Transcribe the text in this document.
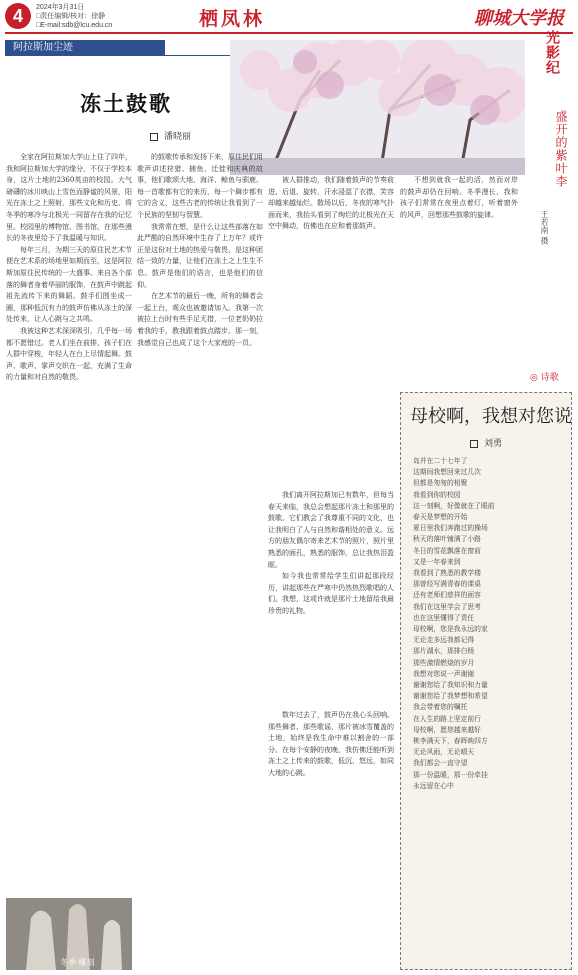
4	2024年3月31日
□责任编辑/核对：徐静
□E-mail:sdb@lcu.edu.cn	栖凤林	聊城大学报
阿拉斯加尘迹
冻土鼓歌
潘晓丽

全家在阿拉斯加大学山上住了四年，我和阿拉斯加大学的缘分，不仅于学校本身，这片土地的2360英亩的校园。大气磅礴的冰川映山上雪色而静谧的风景，阳光在冻土之上照射，那些文化和历史、将冬季的寒冷与北极光一同留存在我的记忆里。校园里的博物馆、图书馆，在那些漫长的冬夜里给予了我温暖与知识。

每年三月，为期三天的原住民艺术节便在艺术系的场地里如期而至，这是阿拉斯加原住民传统的一大盛事。来自各个部落的舞者身着华丽的服饰，在鼓声中跳起祖先流传下来的舞蹈。鼓手们围坐成一圈，那种低沉有力的鼓声仿佛从冻土的深处传来，让人心跳与之共鸣。

我被这种艺术深深吸引，几乎每一场都不愿错过。老人们坐在前排，孩子们在人群中穿梭，年轻人在台上尽情起舞。鼓声、歌声、掌声交织在一起，充满了生命的力量和对自然的敬畏。

的鼓歌传承和发扬下来，原住民们用歌声讲述狩猎、捕鱼、迁徙和庆典的故事，他们歌颂大地、海洋、鲸鱼与驯鹿。每一首歌都有它的来历，每一个舞步都有它的含义，这些古老的传统让我看到了一个民族的坚韧与智慧。

我常常在想，是什么让这些部落在如此严酷的自然环境中生存了上万年？或许正是这份对土地的热爱与敬畏，是这种团结一致的力量，让他们在冻土之上生生不息。鼓声是他们的语言，也是他们的信仰。

在艺术节的最后一晚，所有的舞者会一起上台，观众也被邀请加入。我第一次被拉上台时有些手足无措，一位老奶奶拉着我的手，教我跟着鼓点踏步。那一刻，我感觉自己也成了这个大家庭的一员。

被人群推动，我们随着鼓声的节奏前进、后退、旋转，汗水浸湿了衣襟，笑容却越来越灿烂。散场以后，冬夜的寒气扑面而来，我抬头看到了绚烂的北极光在天空中舞动，仿佛也在应和着那鼓声。

不想到就我一起的活，然而对岸的鼓声却仍在回响。冬季漫长，我和孩子们常常在夜里点着灯，听着窗外的风声，回想那些鼓歌的旋律。

我们离开阿拉斯加已有数年，但每当春天来临，我总会想起那片冻土和那里的鼓歌。它们教会了我尊重不同的文化，也让我明白了人与自然和谐相处的意义。远方的朋友偶尔寄来艺术节的照片，照片里熟悉的面孔，熟悉的服饰，总让我热泪盈眶。

如今我也常常给学生们讲起那段经历，讲起那些在严寒中仍然热烈歌唱的人们。我想，这或许就是那片土地留给我最珍贵的礼物。

数年过去了，鼓声仍在我心头回响。那些舞者、那些歌谣，那片被冰雪覆盖的土地，始终是我生命中难以割舍的一部分。在每个安静的夜晚，我仿佛还能听到冻土之上传来的鼓歌，低沉、悠远，如同大地的心跳。

冬季·雕刻
光影纪
盛开的紫叶李
王若南 摄
◎ 诗歌
母校啊，我想对您说
刘勇
岛并在二十七年了
这期间我想回来过几次
但都是匆匆的相聚
我看到你的校园
这一刻啊，好像就在了眼前
春天是梦想的开始
夏日里我们奔跑过的操场
秋天的落叶铺满了小路
冬日的雪花飘落在窗前
又是一年春来到
我看到了熟悉的教学楼
那曾经写满青春的课桌
还有老师们慈祥的面容
我们在这里学会了思考
也在这里懂得了责任
母校啊，您是我永远的家
无论走多远我都记得
那片湖水，那排白杨
那些激情燃烧的岁月
我想对您说一声谢谢
谢谢您给了我知识和力量
谢谢您给了我梦想和希望
我会带着您的嘱托
在人生的路上坚定前行
母校啊，愿您越来越好
桃李满天下，春晖映四方
无论风雨，无论晴天
我们都会一直守望
那一份温暖，那一份牵挂
永远留在心中
